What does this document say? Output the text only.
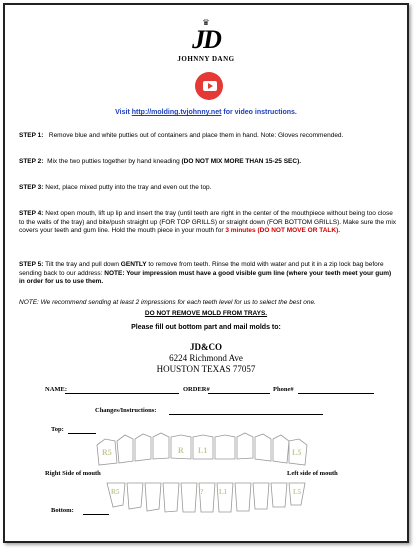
♛
JD
JOHNNY DANG
Visit http://molding.tvjohnny.net for video instructions.
STEP 1: Remove blue and white putties out of containers and place them in hand. Note: Gloves recommended.
STEP 2: Mix the two putties together by hand kneading (DO NOT MIX MORE THAN 15-25 SEC).
STEP 3: Next, place mixed putty into the tray and even out the top.
STEP 4: Next open mouth, lift up lip and insert the tray (until teeth are right in the center of the mouthpiece without being too close to the walls of the tray) and bite/push straight up (FOR TOP GRILLS) or straight down (FOR BOTTOM GRILLS). Make sure the mix covers your teeth and gum line. Hold the mouth piece in your mouth for 3 minutes (DO NOT MOVE OR TALK).
STEP 5: Tilt the tray and pull down GENTLY to remove from teeth. Rinse the mold with water and put it in a zip lock bag before sending back to our address: NOTE: Your impression must have a good visible gum line (where your teeth meet your gum) in order for us to use them.
NOTE: We recommend sending at least 2 impressions for each teeth level for us to select the best one.
DO NOT REMOVE MOLD FROM TRAYS.
Please fill out bottom part and mail molds to:
JD&CO
6224 Richmond Ave
HOUSTON TEXAS 77057
NAME:	ORDER#	Phone#
Changes/Instructions:
Top:
R5	R L1	L5
Right Side of mouth	Left side of mouth
R5	? L1	L5
Bottom:
